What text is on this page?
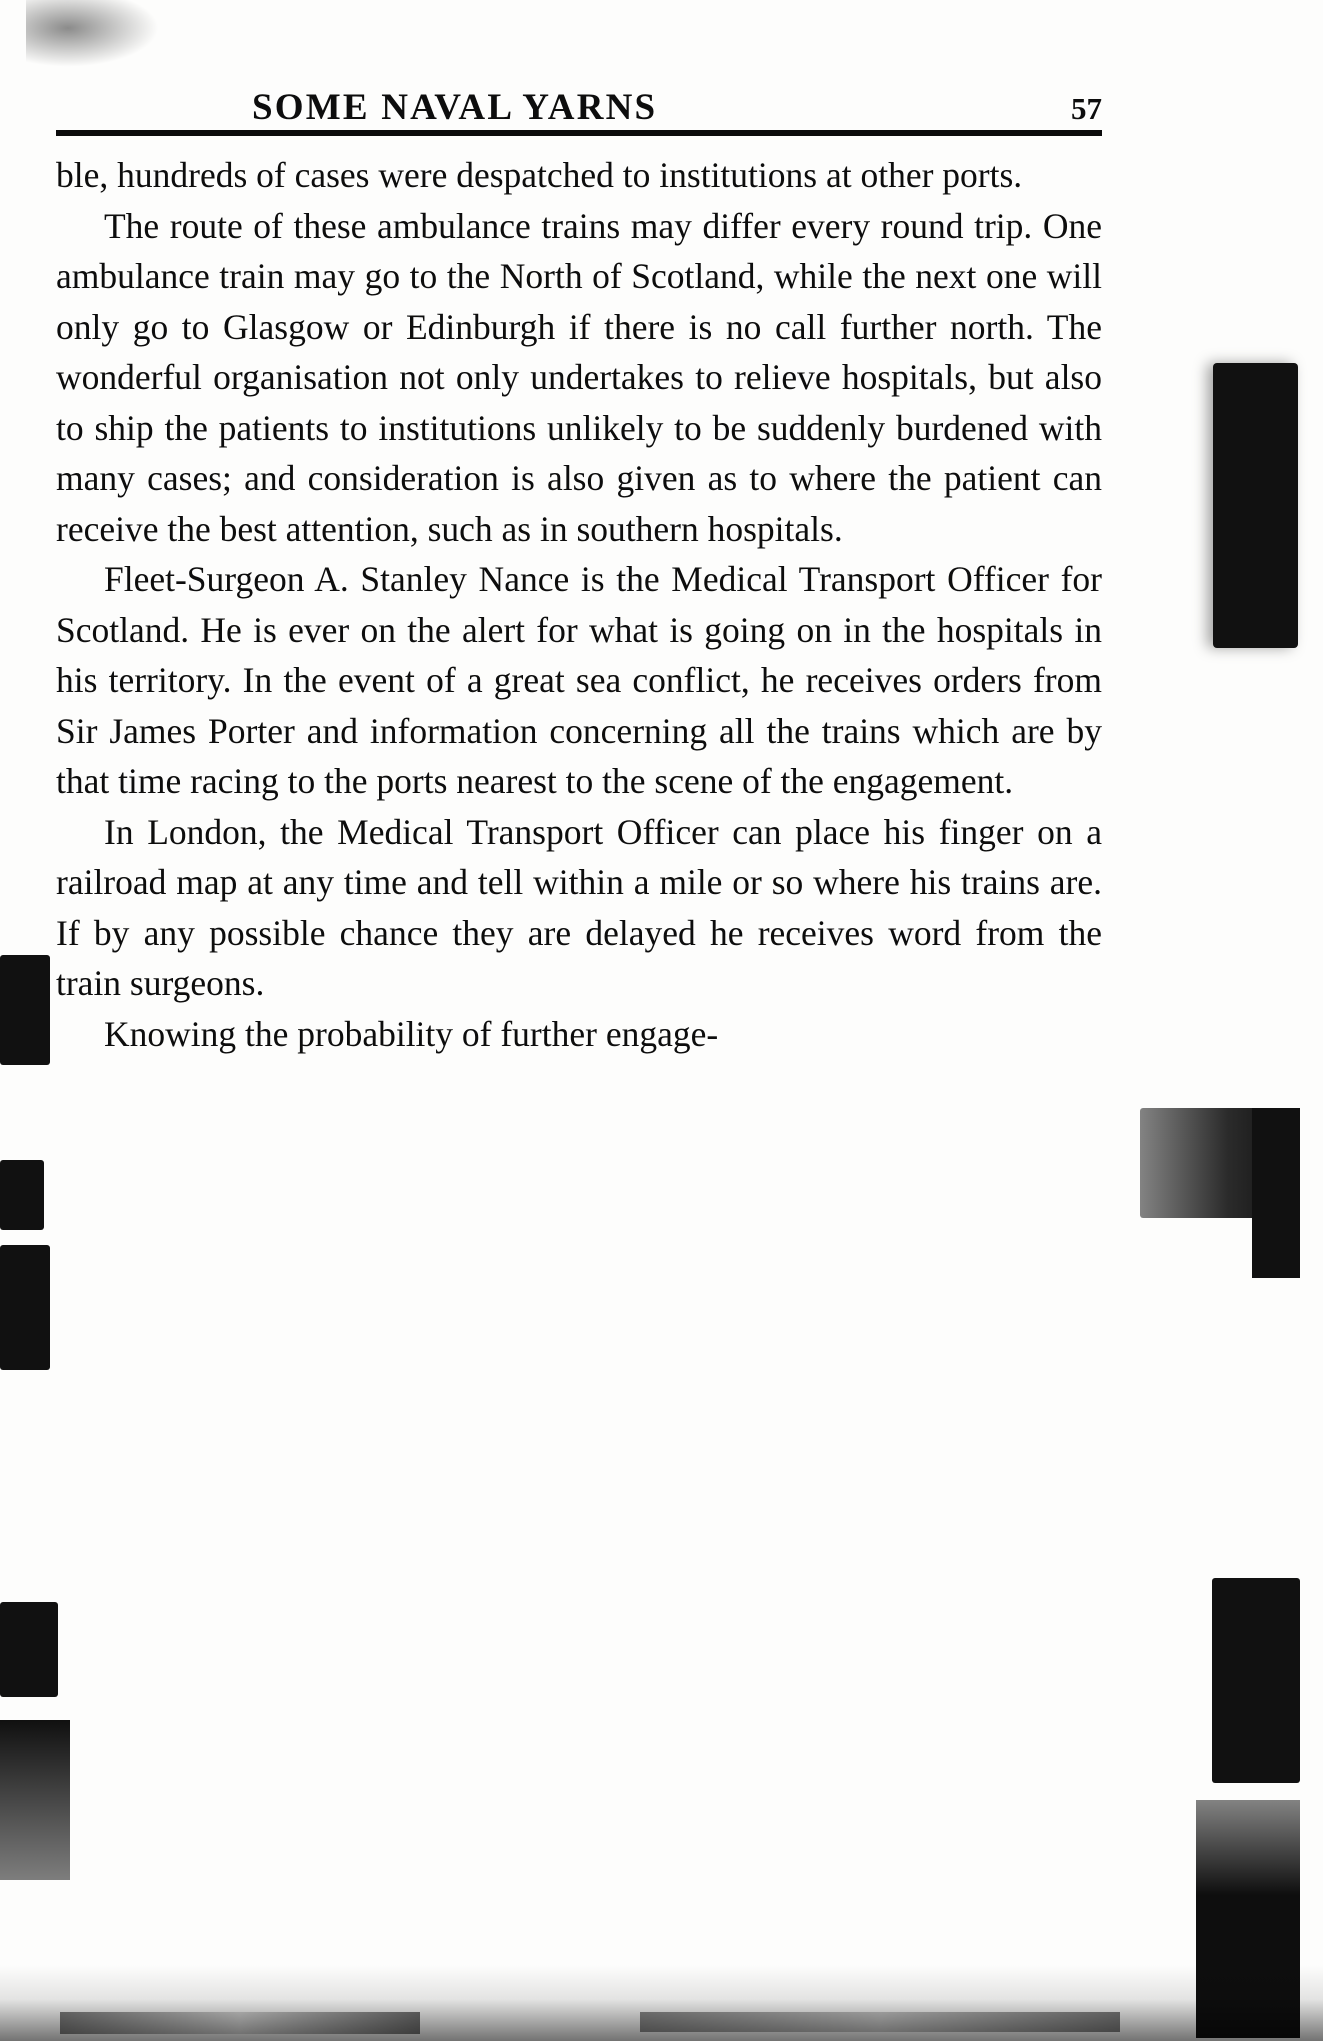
SOME NAVAL YARNS	57

ble, hundreds of cases were despatched to institutions at other ports.

The route of these ambulance trains may differ every round trip. One ambulance train may go to the North of Scotland, while the next one will only go to Glasgow or Edinburgh if there is no call further north. The wonderful organisation not only undertakes to relieve hospitals, but also to ship the patients to institutions unlikely to be suddenly burdened with many cases; and consideration is also given as to where the patient can receive the best attention, such as in southern hospitals.

Fleet-Surgeon A. Stanley Nance is the Medical Transport Officer for Scotland. He is ever on the alert for what is going on in the hospitals in his territory. In the event of a great sea conflict, he receives orders from Sir James Porter and information concerning all the trains which are by that time racing to the ports nearest to the scene of the engagement.

In London, the Medical Transport Officer can place his finger on a railroad map at any time and tell within a mile or so where his trains are. If by any possible chance they are delayed he receives word from the train surgeons.

Knowing the probability of further engage-
